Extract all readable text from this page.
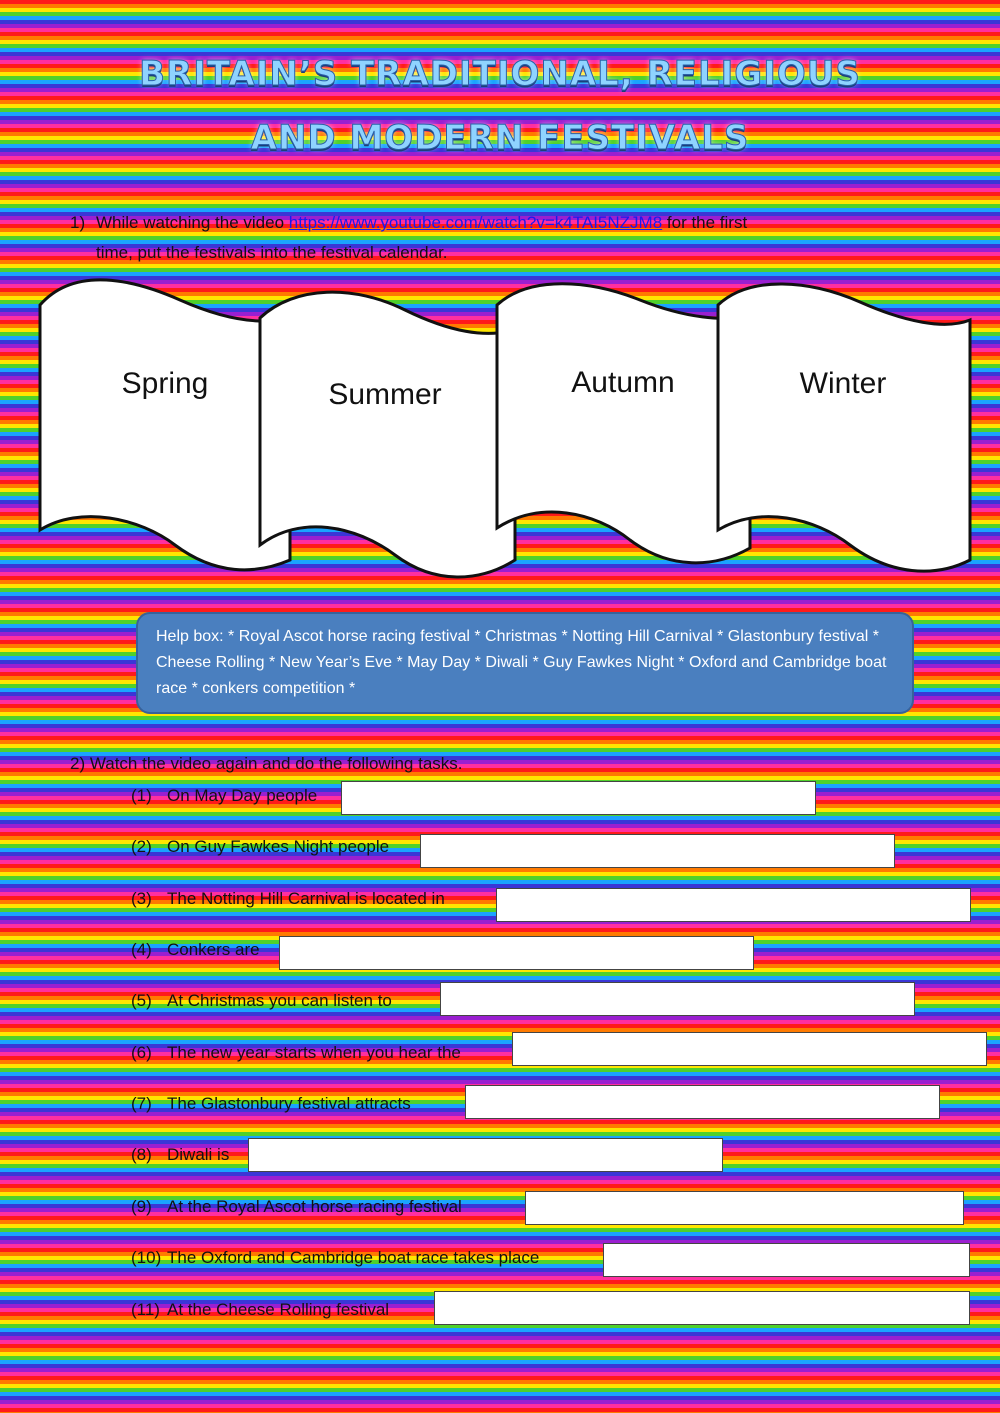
BRITAIN’S TRADITIONAL, RELIGIOUS
AND MODERN FESTIVALS
1) While watching the video https://www.youtube.com/watch?v=k4TAI5NZJM8 for the first
time, put the festivals into the festival calendar.
Spring	Summer	Autumn	Winter
Help box: * Royal Ascot horse racing festival * Christmas * Notting Hill Carnival * Glastonbury festival * Cheese Rolling * New Year’s Eve * May Day * Diwali * Guy Fawkes Night * Oxford and Cambridge boat race * conkers competition *
2) Watch the video again and do the following tasks.
(1) On May Day people
(2) On Guy Fawkes Night people
(3) The Notting Hill Carnival is located in
(4) Conkers are
(5) At Christmas you can listen to
(6) The new year starts when you hear the
(7) The Glastonbury festival attracts
(8) Diwali is
(9) At the Royal Ascot horse racing festival
(10) The Oxford and Cambridge boat race takes place
(11) At the Cheese Rolling festival
